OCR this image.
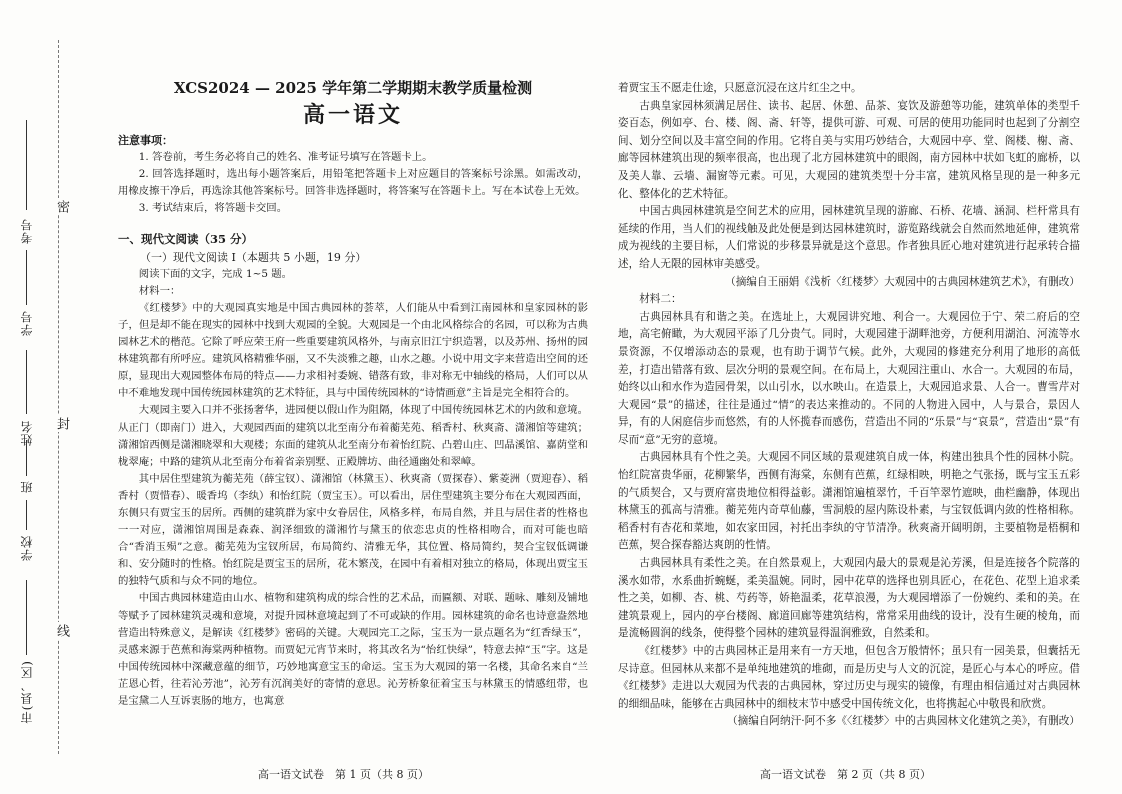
考号
学号
姓名
班
学校
市(县、区)
密
封
线
XCS2024 — 2025 学年第二学期期末教学质量检测
高一语文
注意事项：

1. 答卷前，考生务必将自己的姓名、准考证号填写在答题卡上。

2. 回答选择题时，选出每小题答案后，用铅笔把答题卡上对应题目的答案标号涂黑。如需改动，用橡皮擦干净后，再选涂其他答案标号。回答非选择题时，将答案写在答题卡上。写在本试卷上无效。

3. 考试结束后，将答题卡交回。

一、现代文阅读（35 分）

（一）现代文阅读 Ⅰ（本题共 5 小题，19 分）

阅读下面的文字，完成 1~5 题。

材料一：

《红楼梦》中的大观园真实地是中国古典园林的荟萃，人们能从中看到江南园林和皇家园林的影子，但是却不能在现实的园林中找到大观园的全貌。大观园是一个由北风格综合的名园，可以称为古典园林艺术的楷范。它除了呼应荣王府一些重要建筑风格外，与南京旧江宁织造署，以及苏州、扬州的园林建筑都有所呼应。建筑风格精雅华丽，又不失淡雅之趣，山水之趣。小说中用文字来营造出空间的还原，显现出大观园整体布局的特点——力求相衬委婉、错落有致，非对称无中轴线的格局，人们可以从中不难地发现中国传统园林建筑的艺术特征，具与中国传统园林的“诗情画意”主旨是完全相符合的。

大观园主要入口并不张扬奢华，进园便以假山作为阻隔，体现了中国传统园林艺术的内敛和意境。从正门（即南门）进入，大观园西面的建筑以北至南分布着蘅芜苑、稻香村、秋爽斋、潇湘馆等建筑；潇湘馆西侧是潇湘晓翠和大观楼；东面的建筑从北至南分布着怡红院、凸碧山庄、凹晶溪馆、嘉荫堂和栊翠庵；中路的建筑从北至南分布着省亲别墅、正殿牌坊、曲径通幽处和翠嶂。

其中居住型建筑为蘅芜苑（薛宝钗）、潇湘馆（林黛玉）、秋爽斋（贾探春）、紫菱洲（贾迎春）、稻香村（贾惜春）、暖香坞（李纨）和怡红院（贾宝玉）。可以看出，居住型建筑主要分布在大观园西面，东侧只有贾宝玉的居所。西侧的建筑群为家中女眷居住，风格多样，布局自然，并且与居住者的性格也一一对应，潇湘馆周围是森森、润泽细致的潇湘竹与黛玉的依恋忠贞的性格相吻合，而对可能也暗合“香消玉殒”之意。蘅芜苑为宝钗所居，布局简约、清雅无华，其位置、格局简约，契合宝钗低调谦和、安分随时的性格。怡红院是贾宝玉的居所，花木繁茂，在园中有着相对独立的格局，体现出贾宝玉的独特气质和与众不同的地位。

中国古典园林建造由山水、植物和建筑构成的综合性的艺术品，而匾额、对联、题咏、雕刻及铺地等赋予了园林建筑灵魂和意境，对提升园林意境起到了不可或缺的作用。园林建筑的命名也诗意盎然地营造出特殊意义，是解读《红楼梦》密码的关键。大观园完工之际，宝玉为一景点题名为“红香绿玉”，灵感来源于芭蕉和海棠两种植物。而贾妃元宵节来时，将其改名为“怡红快绿”，特意去掉“玉”字。这是中国传统园林中深藏意蕴的细节，巧妙地寓意宝玉的命运。宝玉为大观园的第一名楼，其命名来自“兰芷恩心哲，往若沁芳池”，沁芳有沉润美好的寄情的意思。沁芳桥象征着宝玉与林黛玉的情感纽带，也是宝黛二人互诉衷肠的地方，也寓意

着贾宝玉不愿走仕途，只愿意沉浸在这片红尘之中。

古典皇家园林须满足居住、读书、起居、休憩、品茶、宴饮及游憩等功能，建筑单体的类型千姿百态，例如亭、台、楼、阁、斋、轩等，提供可游、可观、可居的使用功能同时也起到了分割空间、划分空间以及丰富空间的作用。它将自美与实用巧妙结合，大观园中亭、堂、阁楼、榭、斋、廊等园林建筑出现的频率很高，也出现了北方园林建筑中的眼阁，南方园林中状如飞虹的廊桥，以及美人靠、云墙、漏窗等元素。可见，大观园的建筑类型十分丰富，建筑风格呈现的是一种多元化、整体化的艺术特征。

中国古典园林建筑是空间艺术的应用，园林建筑呈现的游廊、石桥、花墙、涵洞、栏杆常具有延续的作用，当人们的视线触及此处便是到达园林建筑时，游览路线就会自然而然地延伸，建筑常成为视线的主要目标，人们常说的步移景异就是这个意思。作者独具匠心地对建筑进行起承转合描述，给人无限的园林审美感受。

（摘编自王丽娟《浅析〈红楼梦〉大观园中的古典园林建筑艺术》，有删改）

材料二：

古典园林具有和谐之美。在选址上，大观园讲究地、利合一。大观园位于宁、荣二府后的空地，高宅俯瞰，为大观园平添了几分贵气。同时，大观园建于湖畔池旁，方便利用湖泊、河流等水景资源，不仅增添动态的景观，也有助于调节气候。此外，大观园的修建充分利用了地形的高低差，打造出错落有致、层次分明的景观空间。在布局上，大观园注重山、水合一。大观园的布局，始终以山和水作为造园骨架，以山引水，以水映山。在造景上，大观园追求景、人合一。曹雪芹对大观园“景”的描述，往往是通过“情”的表达来推动的。不同的人物进入园中，人与景合，景因人异，有的人闲庭信步而悠然，有的人怀揽春而感伤，营造出不同的“乐景”与“哀景”，营造出“景”有尽而“意”无穷的意境。

古典园林具有个性之美。大观园不同区域的景观建筑自成一体，构建出独具个性的园林小院。怡红院富贵华丽，花柳繁华，西侧有海棠，东侧有芭蕉，红绿相映，明艳之气张扬，既与宝玉五彩的气质契合，又与贾府富贵地位相得益彰。潇湘馆遍植翠竹，千百竿翠竹遮映，曲栏幽静，体现出林黛玉的孤高与清雅。蘅芜苑内奇草仙藤，雪洞般的屋内陈设朴素，与宝钗低调内敛的性格相称。稻香村有杏花和菜地，如农家田园，衬托出李纨的守节清净。秋爽斋开阔明朗，主要植物是梧桐和芭蕉，契合探春豁达爽朗的性情。

古典园林具有柔性之美。在自然景观上，大观园内最大的景观是沁芳溪，但是连接各个院落的溪水如带，水系曲折蜿蜒，柔美温婉。同时，园中花草的选择也别具匠心，在花色、花型上追求柔性之美，如柳、杏、桃、芍药等，娇艳温柔，花草浪漫，为大观园增添了一份婉约、柔和的美。在建筑景观上，园内的亭台楼阁、廊道回廊等建筑结构，常常采用曲线的设计，没有生硬的棱角，而是流畅圆润的线条，使得整个园林的建筑显得温润雅致，自然柔和。

《红楼梦》中的古典园林正是用来有一方天地，但包含万般情怀；虽只有一园美景，但囊括无尽诗意。但园林从来都不是单纯地建筑的堆砌，而是历史与人文的沉淀，是匠心与本心的呼应。借《红楼梦》走进以大观园为代表的古典园林，穿过历史与现实的镜像，有理由相信通过对古典园林的细细品味，能够在古典园林中的细枝末节中感受中国传统文化，也将携起心中敬畏和欣赏。

（摘编自阿纳汗·阿不多《〈红楼梦〉中的古典园林文化建筑之美》，有删改）

高一语文试卷　第 1 页（共 8 页）	高一语文试卷　第 2 页（共 8 页）
